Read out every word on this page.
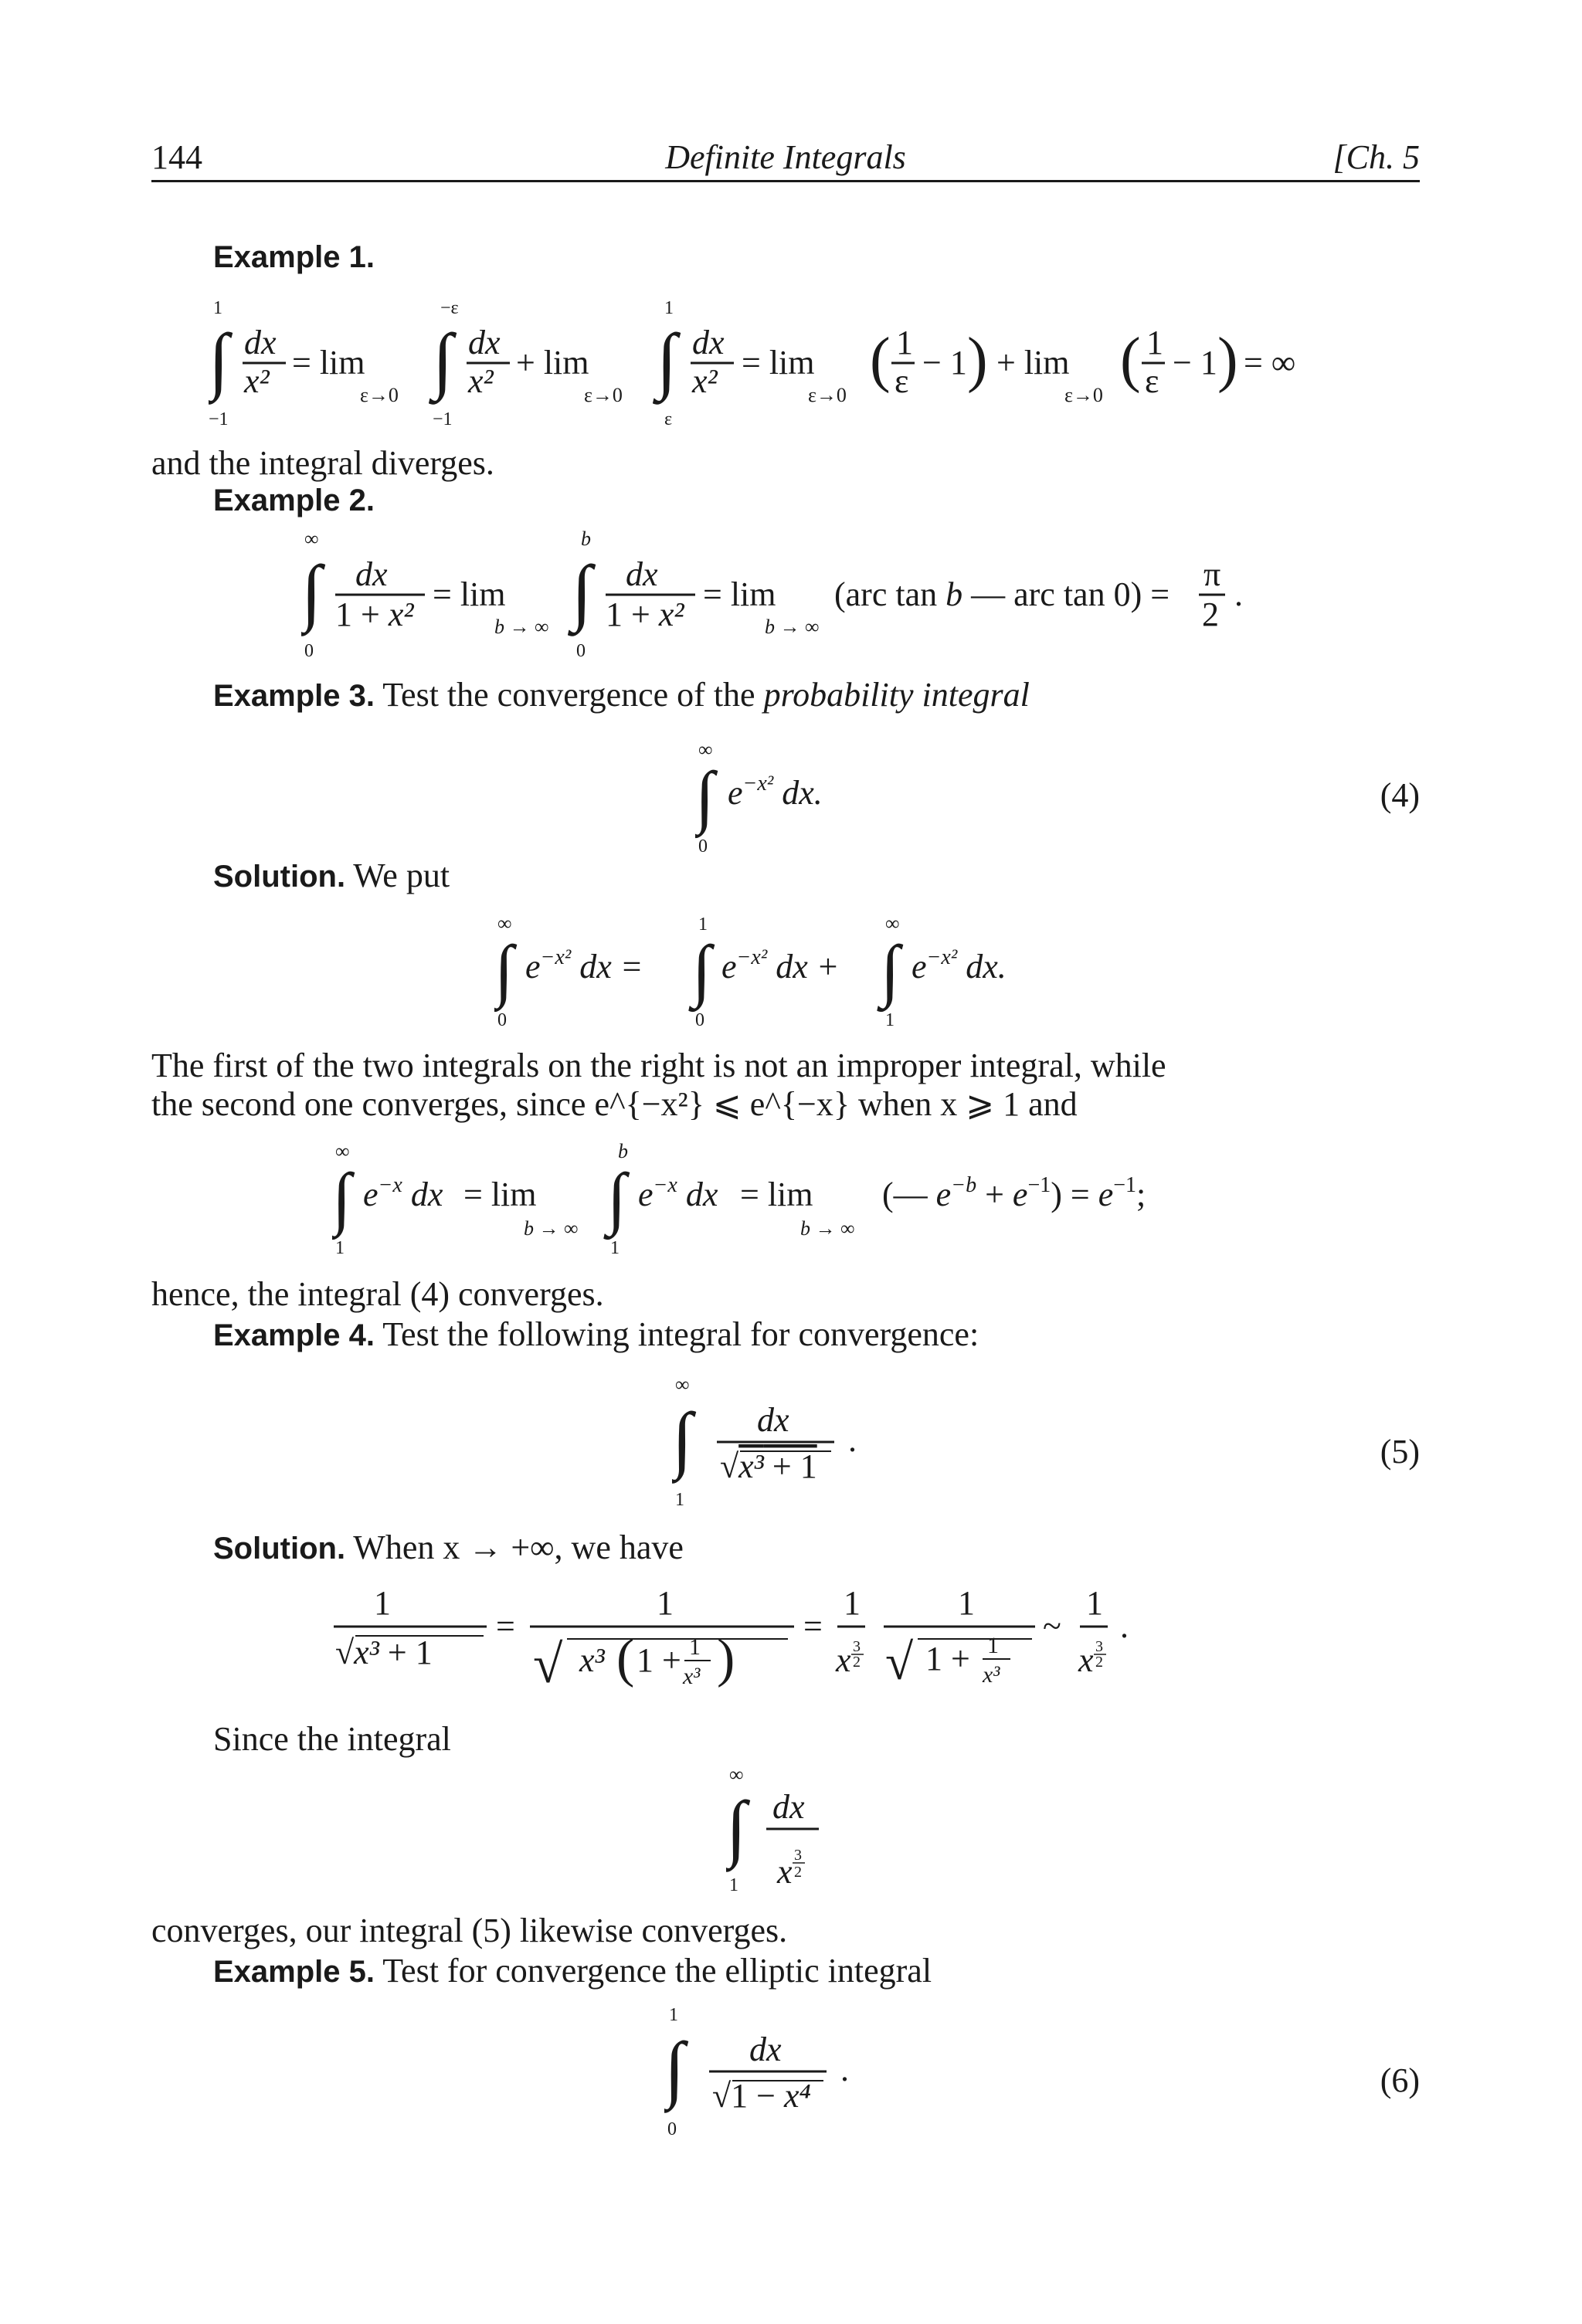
144	Definite Integrals	[Ch. 5
Example 1.
1
∫
−1
dx
x² = lim
ε→0
−ε
∫
−1
dx
x² + lim
ε→0
1
∫
ε
dx
x² = lim
ε→0
( 1
ε − 1 ) + lim
ε→0
( 1
ε − 1 ) = ∞
and the integral diverges.
Example 2.
∞
∫
0
dx
1 + x²
= lim
b → ∞
b
∫
0
dx
1 + x²
= lim
b → ∞
(arc tan b — arc tan 0) =
π
2
.
Example 3. Test the convergence of the probability integral
∞
∫
0
$e^{-x^2}$ dx.	(4)
Solution. We put
∞
∫
0
$e^{-x^2}$ dx =
1
∫
0
$e^{-x^2}$ dx +
∞
∫
1
$e^{-x^2}$ dx.
The first of the two integrals on the right is not an improper integral, while
the second one converges, since e^{−x²} ⩽ e^{−x} when x ⩾ 1 and
∞
∫
1
$e^{-x}$ dx = lim
b → ∞
b
∫
1
$e^{-x}$ dx = lim
b → ∞
(— $e^{-b} + e^{-1}) = e^{-1}$;
hence, the integral (4) converges.
Example 4. Test the following integral for convergence:
∞
∫
1
dx
√x³ + 1
.	(5)
Solution. When x → +∞, we have
1
√x³ + 1
=
1
√ x³ ( 1 + 1
x³ )
=
1
x 3
2
1
√ 1 + 1
x³
~
1
x 3
2
.
Since the integral
∞
∫
1
dx
x 3
2
converges, our integral (5) likewise converges.
Example 5. Test for convergence the elliptic integral
1
∫
0
dx
√1 − x⁴
.	(6)
